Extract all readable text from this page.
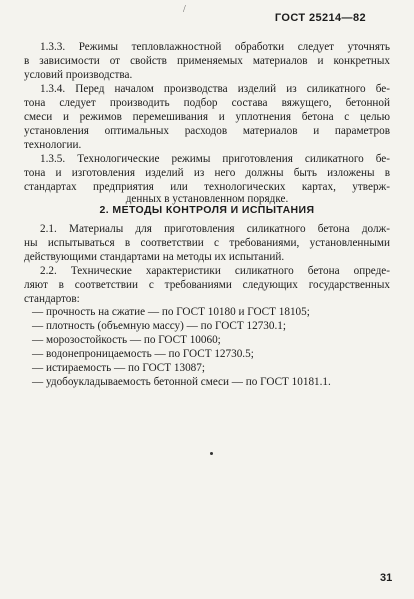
/
ГОСТ 25214—82
1.3.3. Режимы тепловлажностной обработки следует уточнять
в зависимости от свойств применяемых материалов и конкретных
условий производства.
1.3.4. Перед началом производства изделий из силикатного бе-
тона следует производить подбор состава вяжущего, бетонной
смеси и режимов перемешивания и уплотнения бетона с целью
установления оптимальных расходов материалов и параметров
технологии.
1.3.5. Технологические режимы приготовления силикатного бе-
тона и изготовления изделий из него должны быть изложены в
стандартах предприятия или технологических картах, утверж-
денных в установленном порядке.
2. МЕТОДЫ КОНТРОЛЯ И ИСПЫТАНИЯ
2.1. Материалы для приготовления силикатного бетона долж-
ны испытываться в соответствии с требованиями, установленными
действующими стандартами на методы их испытаний.
2.2. Технические характеристики силикатного бетона опреде-
ляют в соответствии с требованиями следующих государственных
стандартов:
— прочность на сжатие — по ГОСТ 10180 и ГОСТ 18105;
— плотность (объемную массу) — по ГОСТ 12730.1;
— морозостойкость — по ГОСТ 10060;
— водонепроницаемость — по ГОСТ 12730.5;
— истираемость — по ГОСТ 13087;
— удобоукладываемость бетонной смеси — по ГОСТ 10181.1.
31
